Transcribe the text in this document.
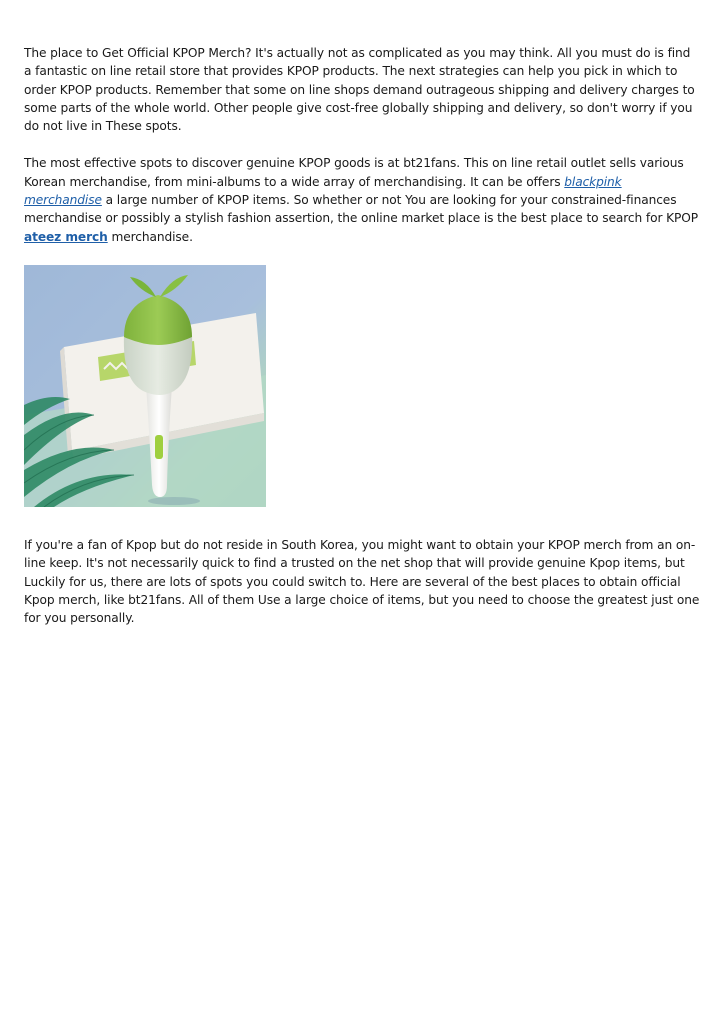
The place to Get Official KPOP Merch? It's actually not as complicated as you may think. All you must do is find a fantastic on line retail store that provides KPOP products. The next strategies can help you pick in which to order KPOP products. Remember that some on line shops demand outrageous shipping and delivery charges to some parts of the whole world. Other people give cost-free globally shipping and delivery, so don't worry if you do not live in These spots.

The most effective spots to discover genuine KPOP goods is at bt21fans. This on line retail outlet sells various Korean merchandise, from mini-albums to a wide array of merchandising. It can be offers blackpink merchandise a large number of KPOP items. So whether or not You are looking for your constrained-finances merchandise or possibly a stylish fashion assertion, the online market place is the best place to search for KPOP ateez merch merchandise.

If you're a fan of Kpop but do not reside in South Korea, you might want to obtain your KPOP merch from an on-line keep. It's not necessarily quick to find a trusted on the net shop that will provide genuine Kpop items, but Luckily for us, there are lots of spots you could switch to. Here are several of the best places to obtain official Kpop merch, like bt21fans. All of them Use a large choice of items, but you need to choose the greatest just one for you personally.
